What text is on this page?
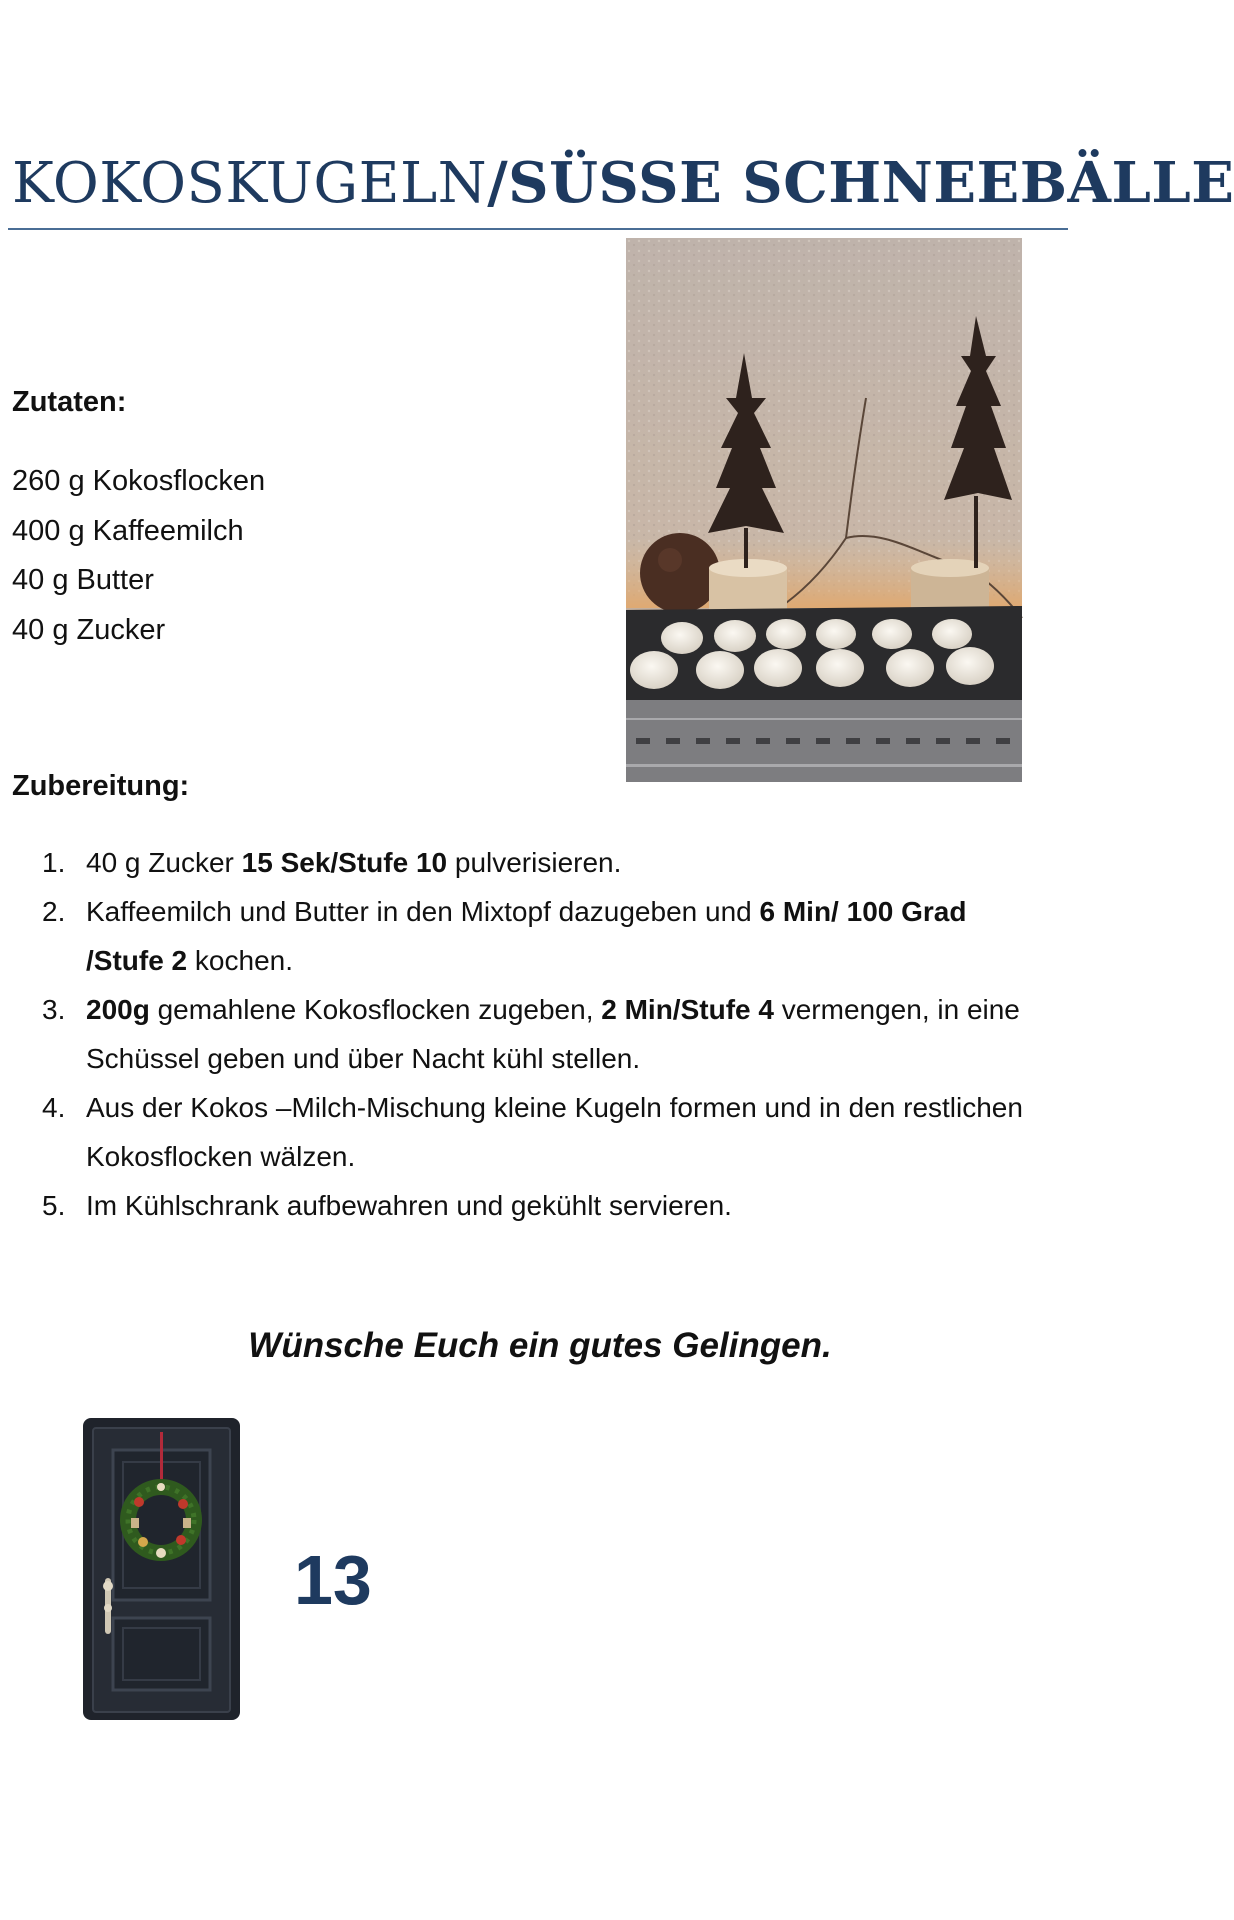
KOKOSKUGELN/SÜSSE SCHNEEBÄLLE
Zutaten:
260 g Kokosflocken
400 g Kaffeemilch
40 g Butter
40 g Zucker
Zubereitung:
1. 40 g Zucker 15 Sek/Stufe 10 pulverisieren.
2. Kaffeemilch und Butter in den Mixtopf dazugeben und 6 Min/ 100 Grad /Stufe 2 kochen.
3. 200g gemahlene Kokosflocken zugeben, 2 Min/Stufe 4 vermengen, in eine Schüssel geben und über Nacht kühl stellen.
4. Aus der Kokos –Milch-Mischung kleine Kugeln formen und in den restlichen Kokosflocken wälzen.
5. Im Kühlschrank aufbewahren und gekühlt servieren.
Wünsche Euch ein gutes Gelingen.
13
